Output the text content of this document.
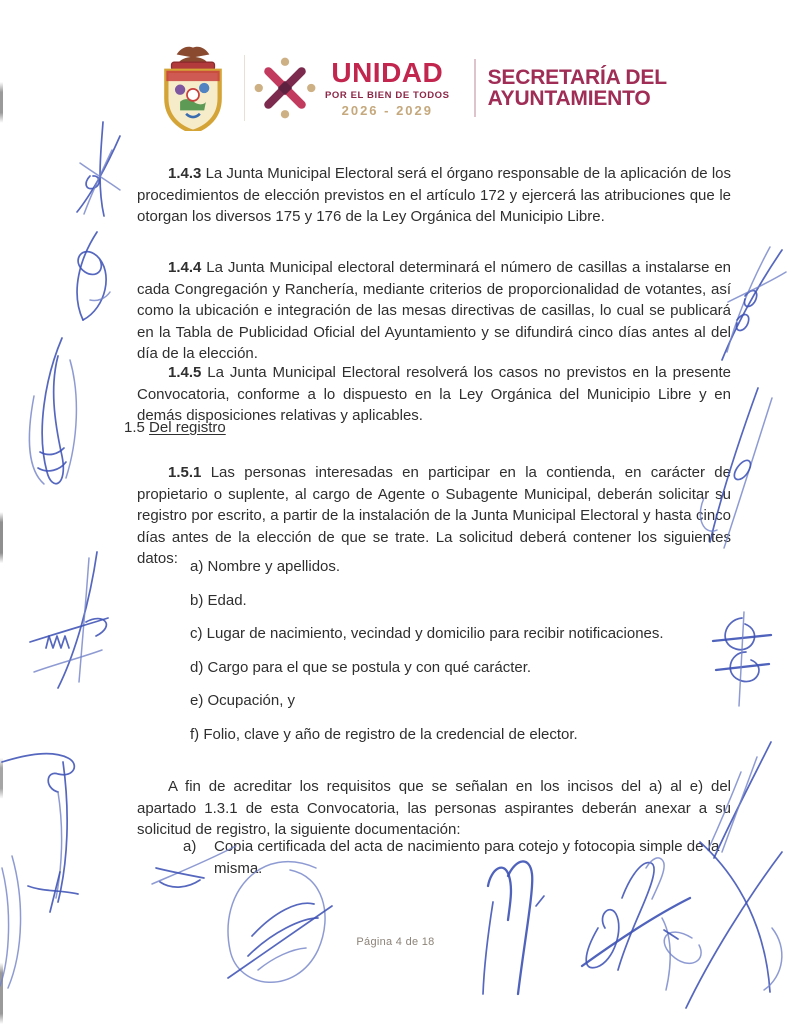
UNIDAD
POR EL BIEN DE TODOS
2026 - 2029
SECRETARÍA DEL
AYUNTAMIENTO

1.4.3 La Junta Municipal Electoral será el órgano responsable de la aplicación de los procedimientos de elección previstos en el artículo 172 y ejercerá las atribuciones que le otorgan los diversos 175 y 176 de la Ley Orgánica del Municipio Libre.

1.4.4 La Junta Municipal electoral determinará el número de casillas a instalarse en cada Congregación y Ranchería, mediante criterios de proporcionalidad de votantes, así como la ubicación e integración de las mesas directivas de casillas, lo cual se publicará en la Tabla de Publicidad Oficial del Ayuntamiento y se difundirá cinco días antes al del día de la elección.

1.4.5 La Junta Municipal Electoral resolverá los casos no previstos en la presente Convocatoria, conforme a lo dispuesto en la Ley Orgánica del Municipio Libre y en demás disposiciones relativas y aplicables.

1.5 Del registro

1.5.1 Las personas interesadas en participar en la contienda, en carácter de propietario o suplente, al cargo de Agente o Subagente Municipal, deberán solicitar su registro por escrito, a partir de la instalación de la Junta Municipal Electoral y hasta cinco días antes de la elección de que se trate. La solicitud deberá contener los siguientes datos: a) Nombre y apellidos.
b) Edad.
c) Lugar de nacimiento, vecindad y domicilio para recibir notificaciones.
d) Cargo para el que se postula y con qué carácter.
e) Ocupación, y
f) Folio, clave y año de registro de la credencial de elector.

A fin de acreditar los requisitos que se señalan en los incisos del a) al e) del apartado 1.3.1 de esta Convocatoria, las personas aspirantes deberán anexar a su solicitud de registro, la siguiente documentación:

a)	Copia certificada del acta de nacimiento para cotejo y fotocopia simple de la misma.
Página 4 de 18
